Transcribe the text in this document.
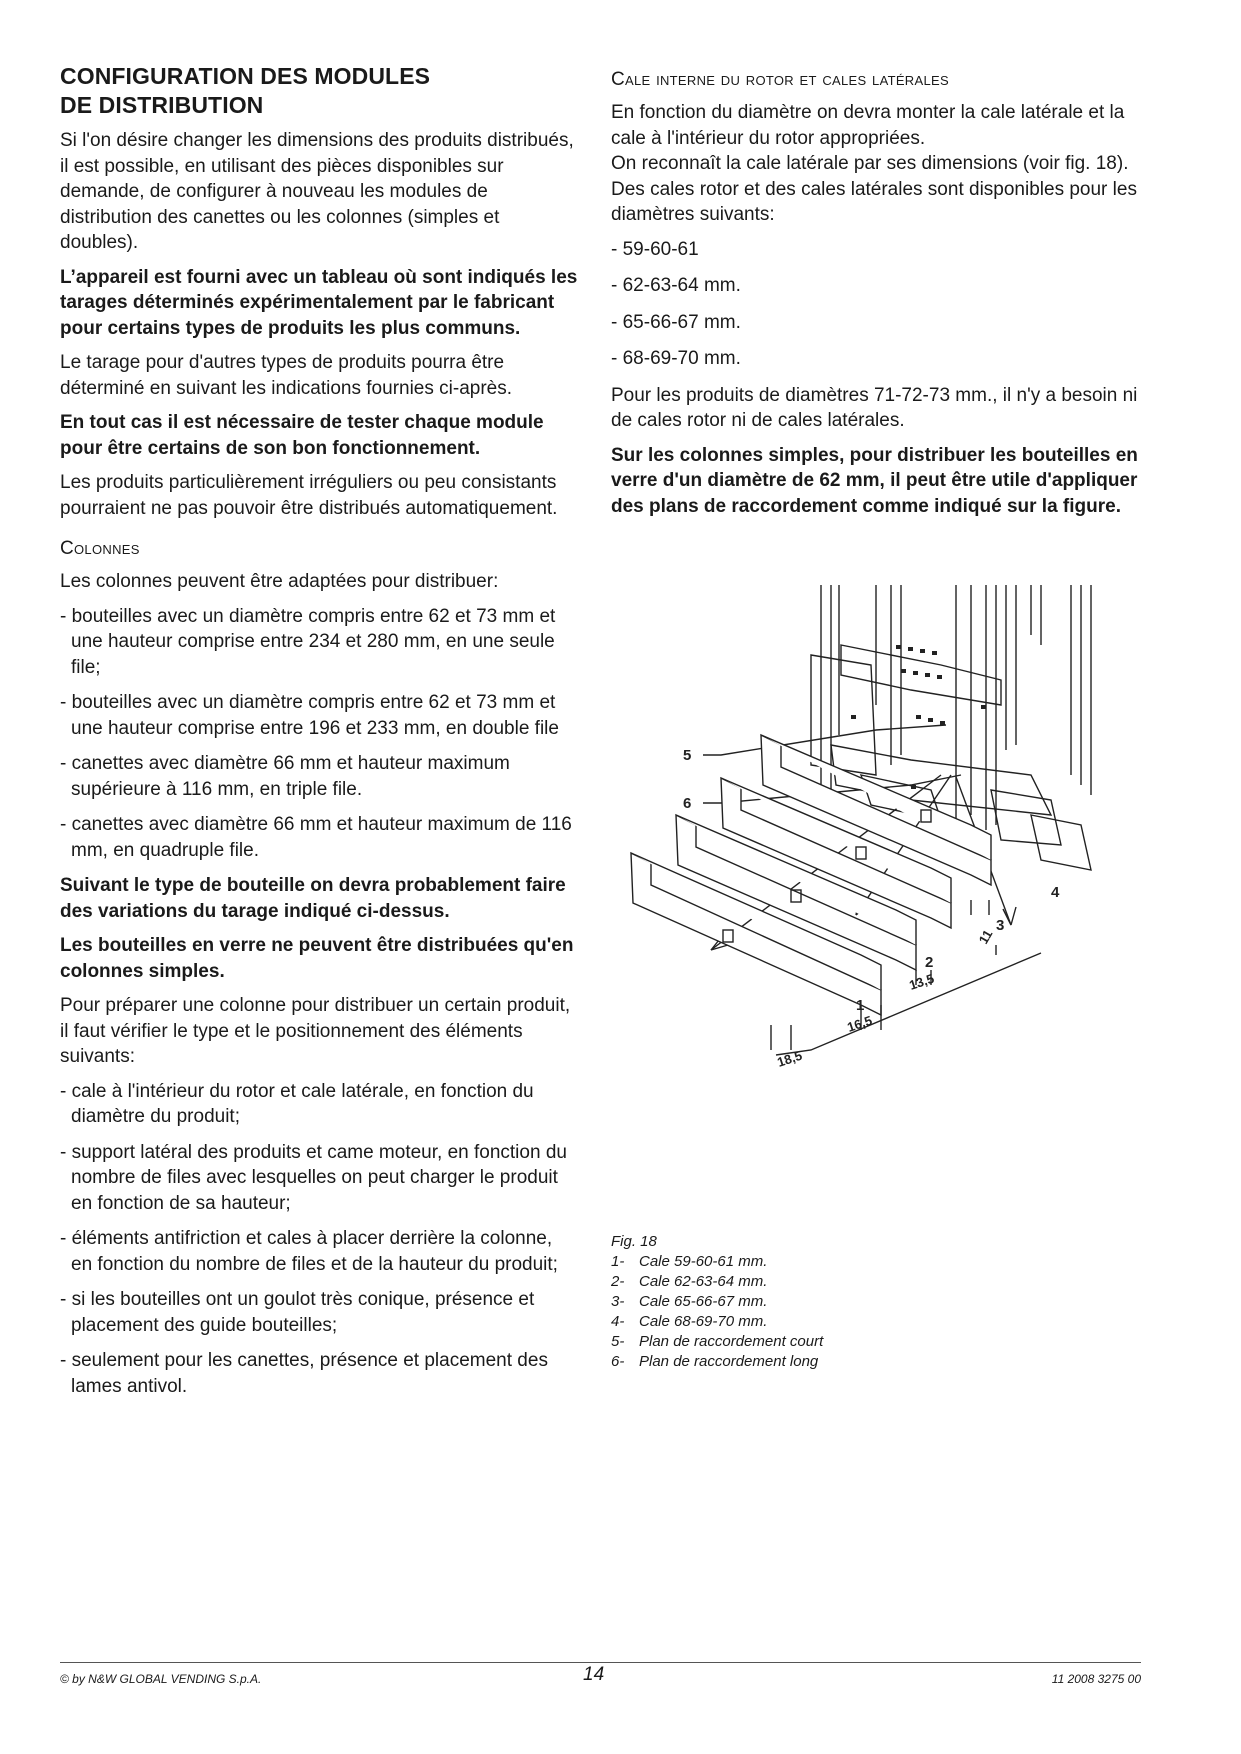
CONFIGURATION DES MODULES
DE DISTRIBUTION

Si l'on désire changer les dimensions des produits distribués, il est possible, en utilisant des pièces disponibles sur demande, de configurer à nouveau les modules de distribution des canettes ou les colonnes (simples et doubles).

L’appareil est fourni avec un tableau où sont indiqués les tarages déterminés expérimentalement par le fabricant pour certains types de produits les plus communs.

Le tarage pour d'autres types de produits pourra être déterminé en suivant les indications fournies ci-après.

En tout cas il est nécessaire de tester chaque module pour être certains de son bon fonctionnement.

Les produits particulièrement irréguliers ou peu consistants pourraient ne pas pouvoir être distribués automatiquement.

Colonnes

Les colonnes peuvent être adaptées pour distribuer:

- bouteilles avec un diamètre compris entre 62 et 73 mm et une hauteur comprise entre 234 et 280 mm, en une seule file;
- bouteilles avec un diamètre compris entre 62 et 73 mm et une hauteur comprise entre 196 et 233 mm, en double file
- canettes avec diamètre 66 mm et hauteur maximum supérieure à 116 mm, en triple file.
- canettes avec diamètre 66 mm et hauteur maximum de 116 mm, en quadruple file.

Suivant le type de bouteille on devra probablement faire des variations du tarage indiqué ci-dessus.

Les bouteilles en verre ne peuvent être distribuées qu'en colonnes simples.

Pour préparer une colonne pour distribuer un certain produit, il faut vérifier le type et le positionnement des éléments suivants:

- cale à l'intérieur du rotor et cale latérale, en fonction du diamètre du produit;
- support latéral des produits et came moteur, en fonction du nombre de files avec lesquelles on peut charger le produit en fonction de sa hauteur;
- éléments antifriction et cales à placer derrière la colonne, en fonction du nombre de files et de la hauteur du produit;
- si les bouteilles ont un goulot très conique, présence et placement des guide bouteilles;
- seulement pour les canettes, présence et placement des lames antivol.
Cale interne du rotor et cales latérales

En fonction du diamètre on devra monter la cale latérale et la cale à l'intérieur du rotor appropriées.

On reconnaît la cale latérale par ses dimensions (voir fig. 18).

Des cales rotor et des cales latérales sont disponibles pour les diamètres suivants:

- 59-60-61
- 62-63-64 mm.
- 65-66-67 mm.
- 68-69-70 mm.

Pour les produits de diamètres 71-72-73 mm., il n'y a besoin ni de cales rotor ni de cales latérales.

Sur les colonnes simples, pour distribuer les bouteilles en verre d'un diamètre de 62 mm, il peut être utile d'appliquer des plans de raccordement comme indiqué sur la figure.

5
6
1
2
3
4
18,5
16,5
13,5
11
Fig. 18
1- Cale 59-60-61 mm.
2- Cale 62-63-64 mm.
3- Cale 65-66-67 mm.
4- Cale 68-69-70 mm.
5- Plan de raccordement court
6- Plan de raccordement long
© by N&W GLOBAL VENDING S.p.A.	14	11 2008 3275 00
